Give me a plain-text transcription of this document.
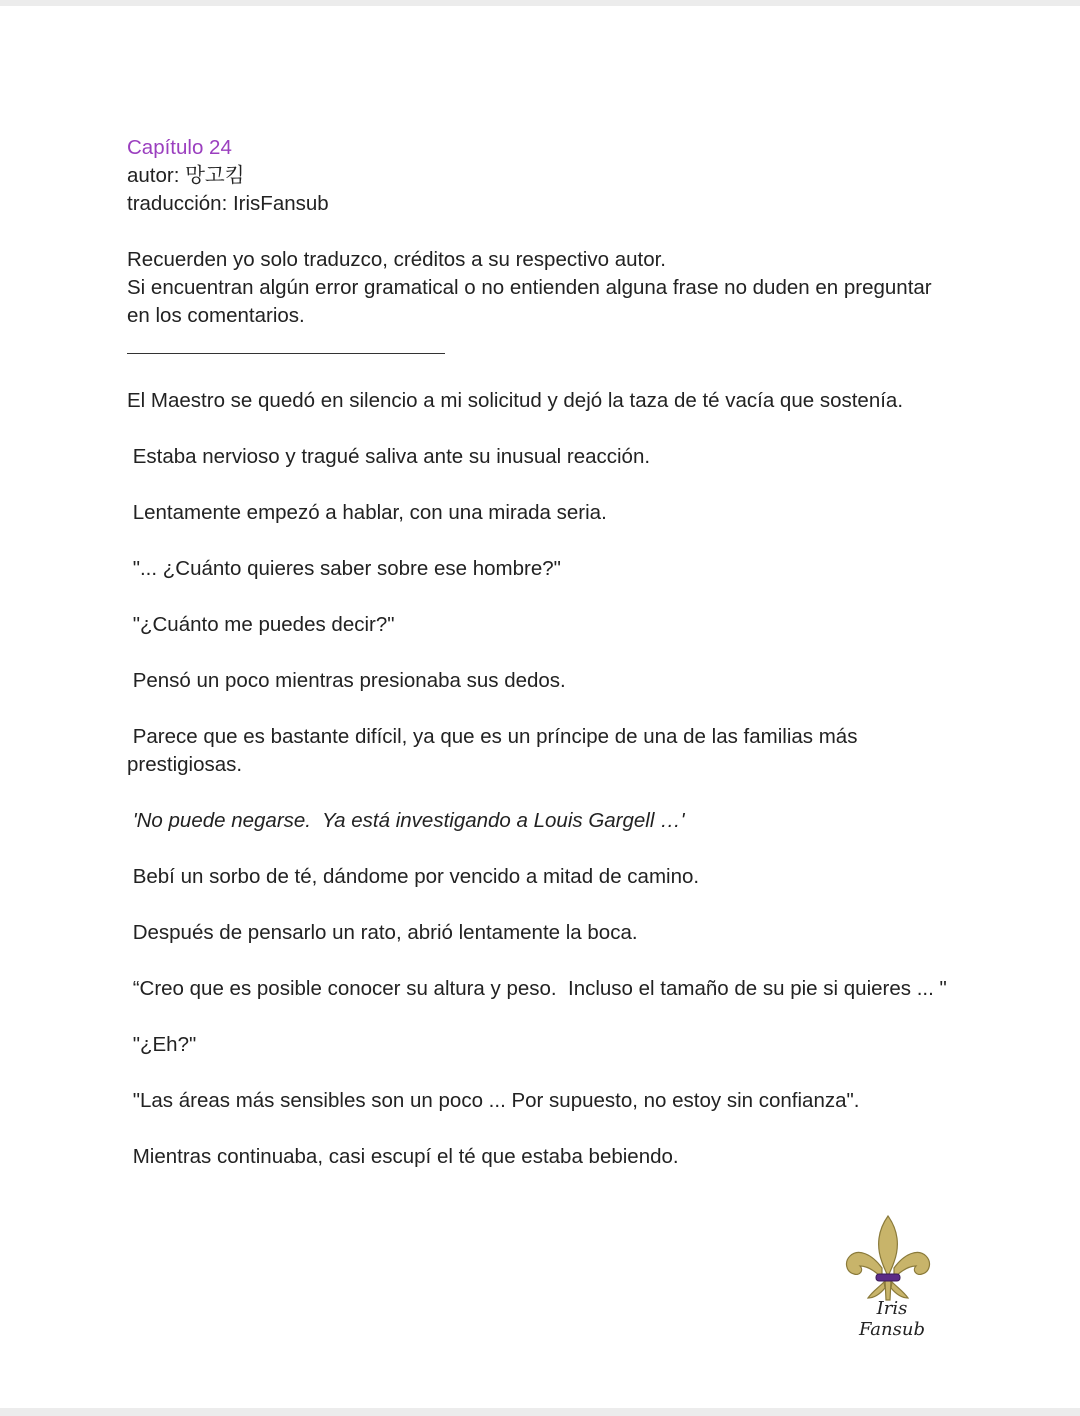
Capítulo 24

autor: 망고킴

traducción: IrisFansub

Recuerden yo solo traduzco, créditos a su respectivo autor.

Si encuentran algún error gramatical o no entienden alguna frase no duden en preguntar en los comentarios.

El Maestro se quedó en silencio a mi solicitud y dejó la taza de té vacía que sostenía.

Estaba nervioso y tragué saliva ante su inusual reacción.

Lentamente empezó a hablar, con una mirada seria.

"... ¿Cuánto quieres saber sobre ese hombre?"

"¿Cuánto me puedes decir?"

Pensó un poco mientras presionaba sus dedos.

Parece que es bastante difícil, ya que es un príncipe de una de las familias más prestigiosas.

'No puede negarse.  Ya está investigando a Louis Gargell …'

Bebí un sorbo de té, dándome por vencido a mitad de camino.

Después de pensarlo un rato, abrió lentamente la boca.

“Creo que es posible conocer su altura y peso.  Incluso el tamaño de su pie si quieres ... "

"¿Eh?"

"Las áreas más sensibles son un poco ... Por supuesto, no estoy sin confianza".

Mientras continuaba, casi escupí el té que estaba bebiendo.

Iris Fansub
